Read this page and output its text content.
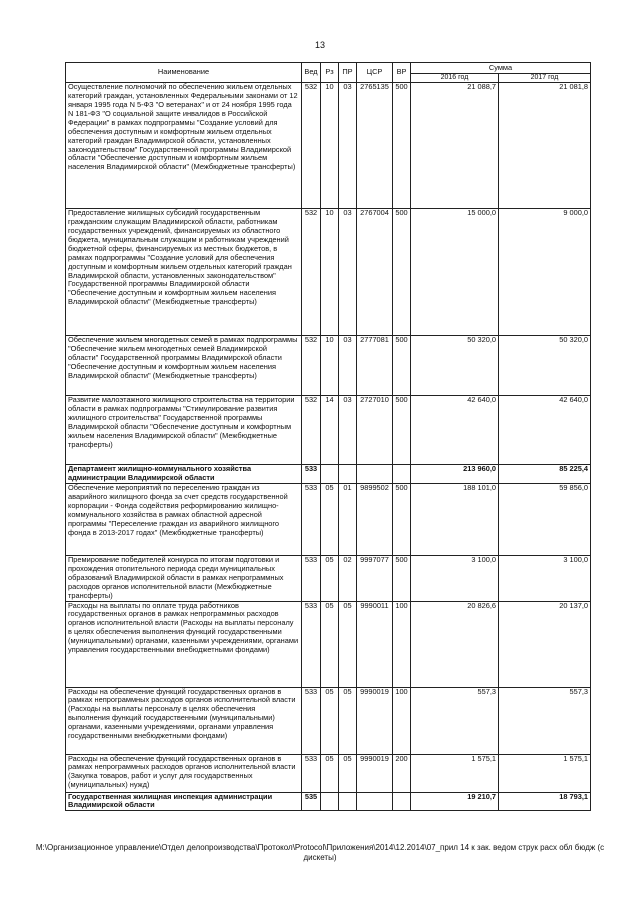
13
Наименование	Вед	Рз	ПР	ЦСР	ВР	Сумма	
						2016 год	2017 год
Осуществление полномочий по обеспечению жильем отдельных категорий граждан, установленных Федеральными законами от 12 января 1995 года N 5-ФЗ "О ветеранах" и от 24 ноября 1995 года N 181-ФЗ "О социальной защите инвалидов в Российской Федерации" в рамках подпрограммы "Создание условий для обеспечения доступным и комфортным жильем отдельных категорий граждан Владимирской области, установленных законодательством" Государственной программы Владимирской области "Обеспечение доступным и комфортным жильем населения Владимирской области" (Межбюджетные трансферты)	532	10	03	2765135	500	21 088,7	21 081,8
Предоставление жилищных субсидий государственным гражданским служащим Владимирской области, работникам государственных учреждений, финансируемых из областного бюджета, муниципальным служащим и работникам учреждений бюджетной сферы, финансируемых из местных бюджетов, в рамках подпрограммы "Создание условий для обеспечения доступным и комфортным жильем отдельных категорий граждан Владимирской области, установленных законодательством" Государственной программы Владимирской области "Обеспечение доступным и комфортным жильем населения Владимирской области" (Межбюджетные трансферты)	532	10	03	2767004	500	15 000,0	9 000,0
Обеспечение жильем многодетных семей в рамках подпрограммы "Обеспечение жильем многодетных семей Владимирской области" Государственной программы Владимирской области "Обеспечение доступным и комфортным жильем населения Владимирской области" (Межбюджетные трансферты)	532	10	03	2777081	500	50 320,0	50 320,0
Развитие малоэтажного жилищного строительства на территории области в рамках подпрограммы "Стимулирование развития жилищного строительства" Государственной программы Владимирской области "Обеспечение доступным и комфортным жильем населения Владимирской области" (Межбюджетные трансферты)	532	14	03	2727010	500	42 640,0	42 640,0
Департамент жилищно-коммунального хозяйства администрации Владимирской области	533					213 960,0	85 225,4
Обеспечение мероприятий по переселению граждан из аварийного жилищного фонда за счет средств государственной корпорации - Фонда содействия реформированию жилищно-коммунального хозяйства в рамках областной адресной программы "Переселение граждан из аварийного жилищного фонда в 2013-2017 годах" (Межбюджетные трансферты)	533	05	01	9899502	500	188 101,0	59 856,0
Премирование победителей конкурса по итогам подготовки и прохождения отопительного периода среди муниципальных образований Владимирской области в рамках непрограммных расходов органов исполнительной власти (Межбюджетные трансферты)	533	05	02	9997077	500	3 100,0	3 100,0
Расходы на выплаты по оплате труда работников государственных органов в рамках непрограммных расходов органов исполнительной власти (Расходы на выплаты персоналу в целях обеспечения выполнения функций государственными (муниципальными) органами, казенными учреждениями, органами управления государственными внебюджетными фондами)	533	05	05	9990011	100	20 826,6	20 137,0
Расходы на обеспечение функций государственных органов в рамках непрограммных расходов органов исполнительной власти (Расходы на выплаты персоналу в целях обеспечения выполнения функций государственными (муниципальными) органами, казенными учреждениями, органами управления государственными внебюджетными фондами)	533	05	05	9990019	100	557,3	557,3
Расходы на обеспечение функций государственных органов в рамках непрограммных расходов органов исполнительной власти (Закупка товаров, работ и услуг для государственных (муниципальных) нужд)	533	05	05	9990019	200	1 575,1	1 575,1
Государственная жилищная инспекция администрации Владимирской области	535					19 210,7	18 793,1
М:\Организационное управление\Отдел делопроизводства\Протокол\Protocol\Приложения\2014\12.2014\07_прил 14 к зак. ведом струк расх обл бюдж (с дискеты)
